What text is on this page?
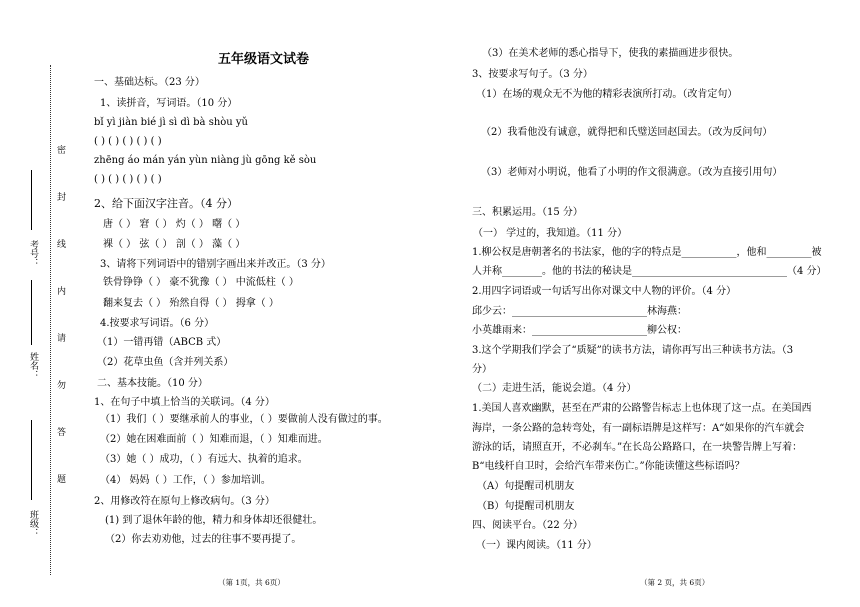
密封线内请勿答题
考号：
姓名：
班级：
五年级语文试卷
一、基础达标。（23 分）
1、读拼音，写词语。（10 分）
bǐ yì jiàn bié jì sì dì bà shòu yǔ
( ) ( ) ( ) ( ) ( )
zhēng áo mán yán yùn niàng jù gōng kě sòu
( ) ( ) ( ) ( ) ( )
2、给下面汉字注音。（4 分）
唐（ ） 窘（ ） 灼（ ） 曙（ ）
裸（ ） 弦（ ） 剖（ ） 藻（ ）
3、请将下列词语中的错别字画出来并改正。（3 分）
铁骨铮铮（ ） 豪不犹豫（ ） 中流低柱（ ）
翻来复去（ ） 殆然自得（ ） 拇拿（ ）
4.按要求写词语。（6 分）
（1）一错再错（ABCB 式）
（2）花草虫鱼（含并列关系）
二、基本技能。（10 分）
1、在句子中填上恰当的关联词。（4 分）
（1）我们（ ）要继承前人的事业，（ ）要做前人没有做过的事。
（2）她在困难面前（ ）知难而退，（ ）知难而进。
（3）她（ ）成功，（ ）有远大、执着的追求。
（4） 妈妈（ ）工作，（ ）参加培训。
2、用修改符在原句上修改病句。（3 分）
(1) 到了退休年龄的他，精力和身体却还很健壮。
（2）你去劝劝他，过去的往事不要再提了。
（第 1页，共 6页）
（3）在美术老师的悉心指导下，使我的素描画进步很快。
3、按要求写句子。（3 分）
（1）在场的观众无不为他的精彩表演所打动。（改肯定句）
（2）我看他没有诚意，就得把和氏璧送回赵国去。（改为反问句）
（3）老师对小明说，他看了小明的作文很满意。（改为直接引用句）
三、积累运用。（15 分）
（一） 学过的，我知道。（11 分）
1.柳公权是唐朝著名的书法家，他的字的特点是___________，他和_________被
人并称________。他的书法的秘诀是_______________________________（4 分）
2.用四字词语或一句话写出你对课文中人物的评价。（4 分）
邱少云：___________________________林海燕：
小英雄雨来：_______________________柳公权：
3.这个学期我们学会了“质疑”的读书方法，请你再写出三种读书方法。（3
分）
（二）走进生活，能说会道。（4 分）
1.美国人喜欢幽默，甚至在严肃的公路警告标志上也体现了这一点。在美国西
海岸，一条公路的急转弯处，有一副标语牌是这样写：A“如果你的汽车就会
游泳的话，请照直开，不必刹车。”在长岛公路路口，在一块警告牌上写着：
B“电线杆自卫时，会给汽车带来伤亡。”你能读懂这些标语吗？
（A）句提醒司机朋友
（B）句提醒司机朋友
四、阅读平台。（22 分）
（一）课内阅读。（11 分）
（第 2 页，共 6页）
